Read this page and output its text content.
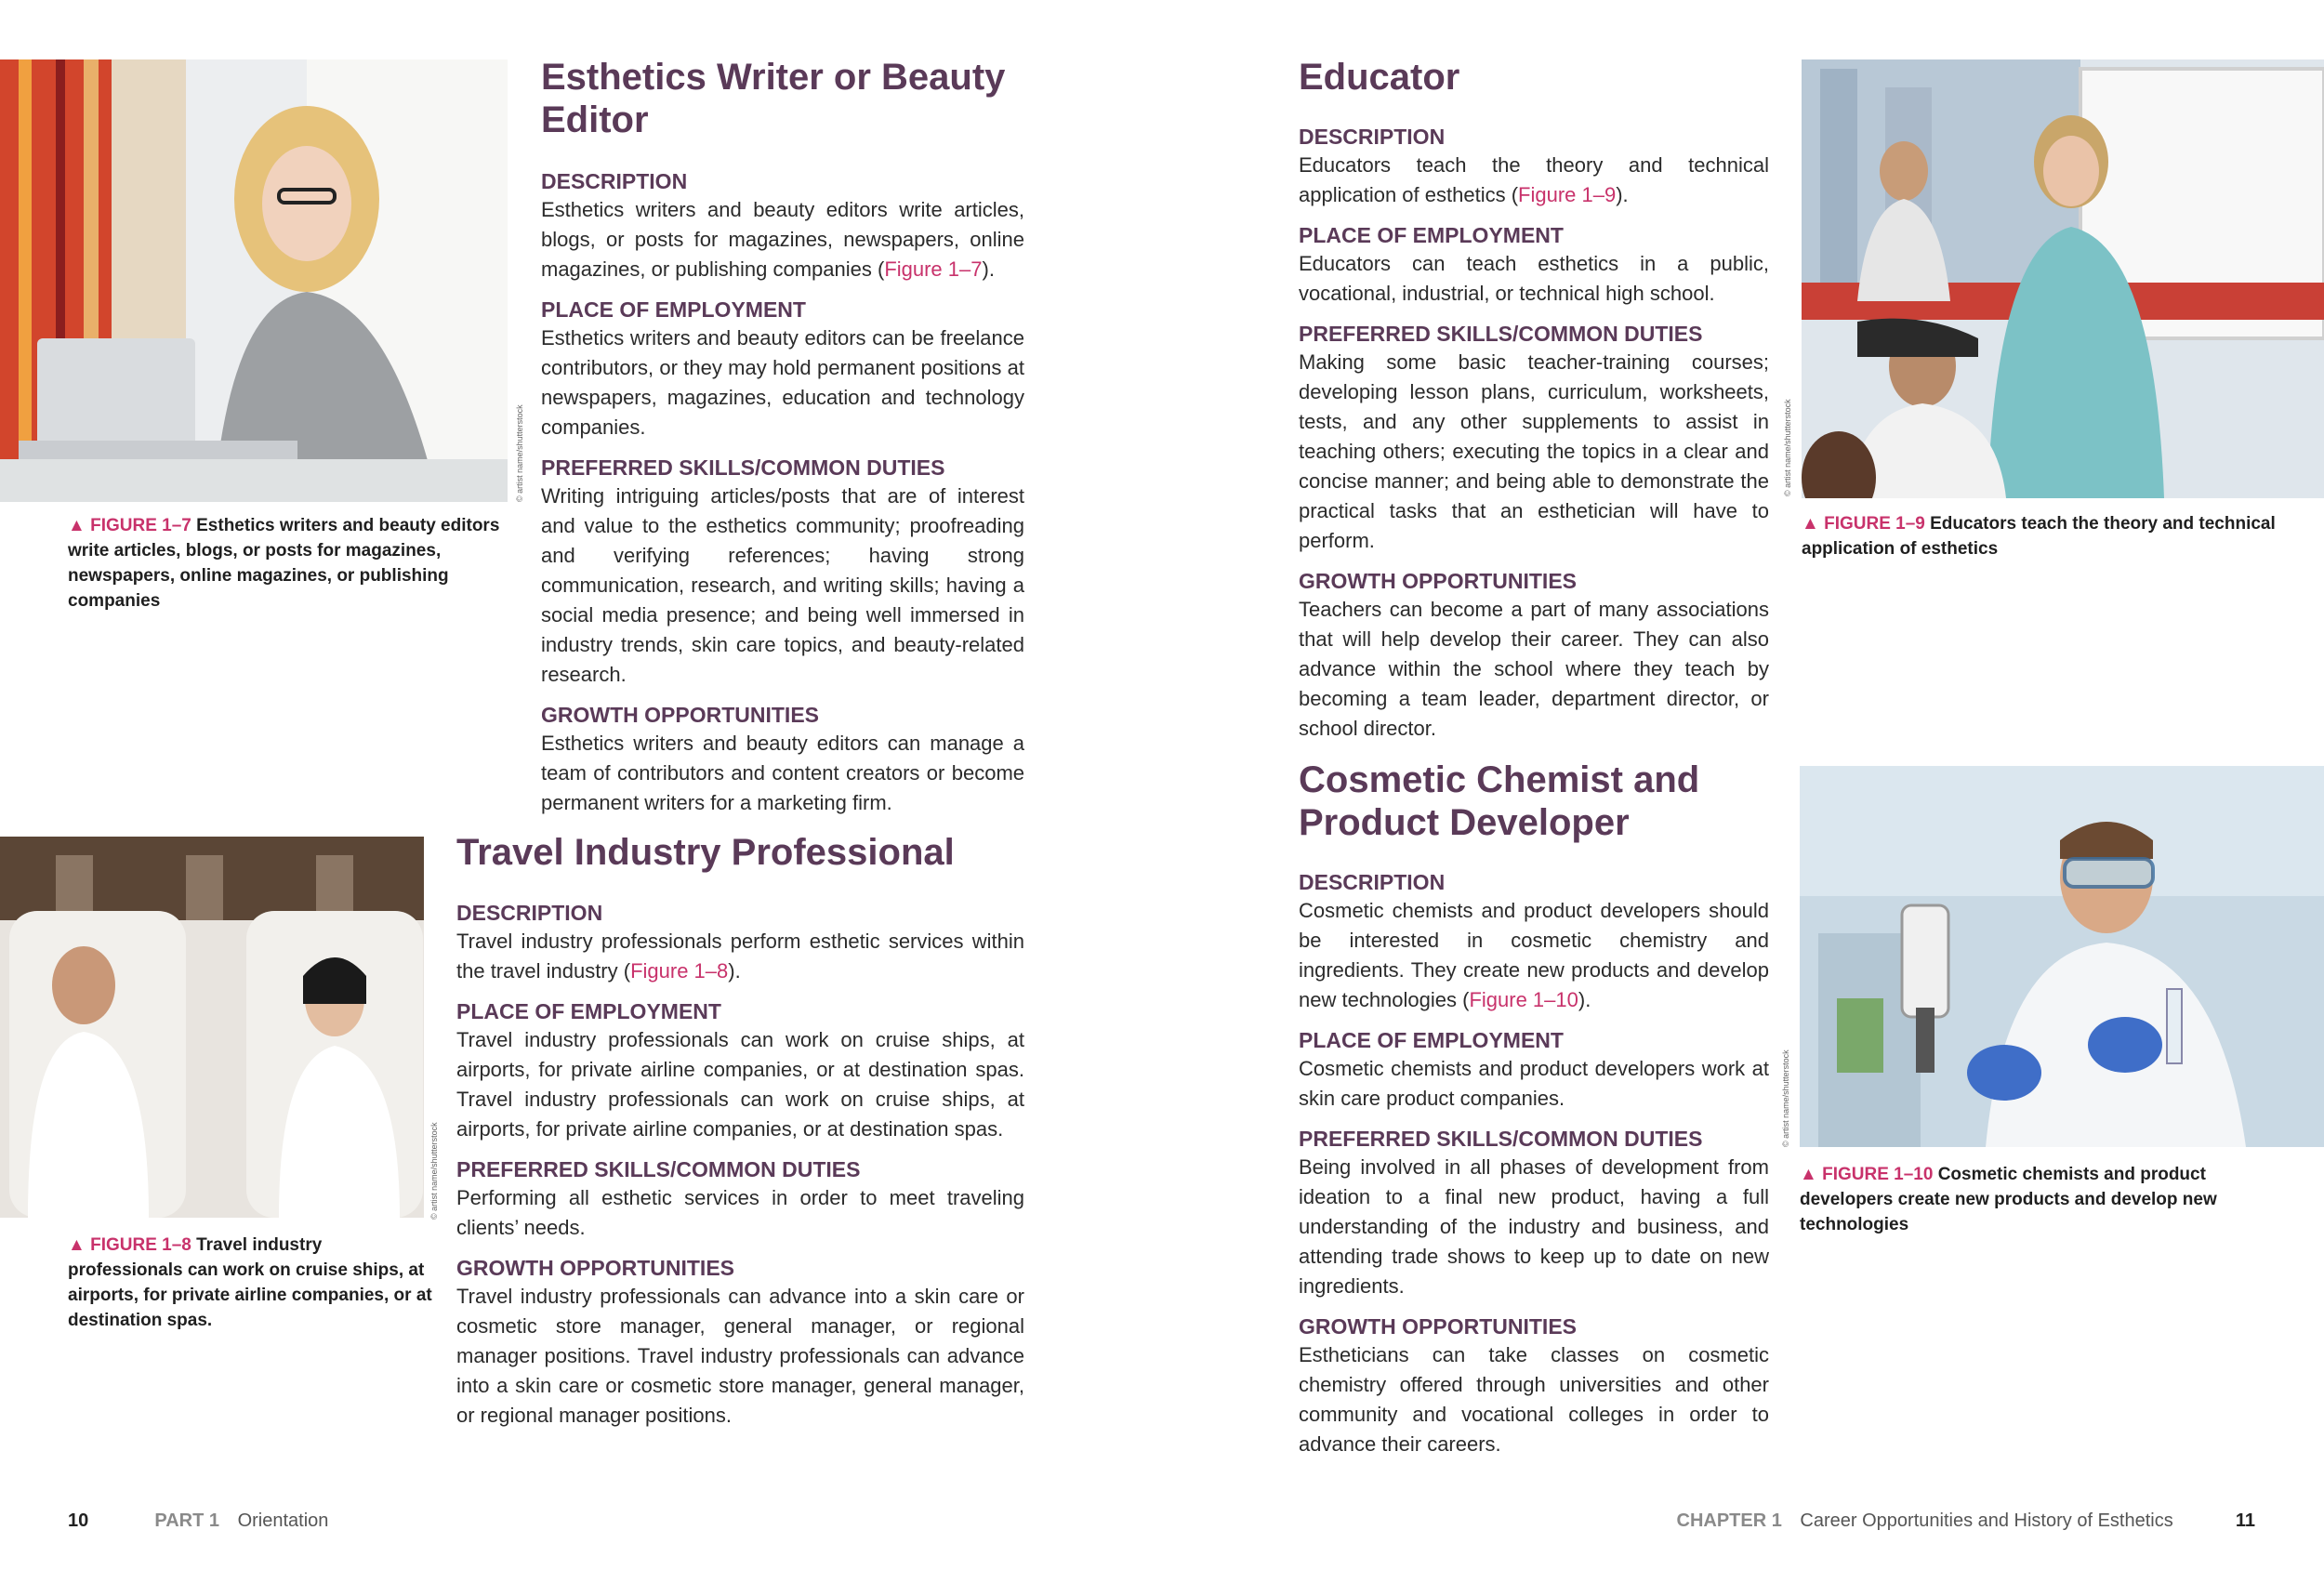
© artist name/shutterstock
▲ FIGURE 1–7 Esthetics writers and beauty editors write articles, blogs, or posts for magazines, newspapers, online magazines, or publishing companies
Esthetics Writer or Beauty Editor

DESCRIPTION

Esthetics writers and beauty editors write articles, blogs, or posts for magazines, newspapers, online magazines, or publishing companies (Figure 1–7).

PLACE OF EMPLOYMENT

Esthetics writers and beauty editors can be freelance contributors, or they may hold permanent positions at newspapers, magazines, education and technology companies.

PREFERRED SKILLS/COMMON DUTIES

Writing intriguing articles/posts that are of interest and value to the esthetics community; proofreading and verifying references; having strong communication, research, and writing skills; having a social media presence; and being well immersed in industry trends, skin care topics, and beauty-related research.

GROWTH OPPORTUNITIES

Esthetics writers and beauty editors can manage a team of contributors and content creators or become permanent writers for a marketing firm.

© artist name/shutterstock
▲ FIGURE 1–8 Travel industry professionals can work on cruise ships, at airports, for private airline companies, or at destination spas.
Travel Industry Professional

DESCRIPTION

Travel industry professionals perform esthetic services within the travel industry (Figure 1–8).

PLACE OF EMPLOYMENT

Travel industry professionals can work on cruise ships, at airports, for private airline companies, or at destination spas. Travel industry professionals can work on cruise ships, at airports, for private airline companies, or at destination spas.

PREFERRED SKILLS/COMMON DUTIES

Performing all esthetic services in order to meet traveling clients’ needs.

GROWTH OPPORTUNITIES

Travel industry professionals can advance into a skin care or cosmetic store manager, general manager, or regional manager positions. Travel industry professionals can advance into a skin care or cosmetic store manager, general manager, or regional manager positions.

10	PART 1 Orientation
Educator

DESCRIPTION

Educators teach the theory and technical application of esthetics (Figure 1–9).

PLACE OF EMPLOYMENT

Educators can teach esthetics in a public, vocational, industrial, or technical high school.

PREFERRED SKILLS/COMMON DUTIES

Making some basic teacher-training courses; developing lesson plans, curriculum, worksheets, tests, and any other supplements to assist in teaching others; executing the topics in a clear and concise manner; and being able to demonstrate the practical tasks that an esthetician will have to perform.

GROWTH OPPORTUNITIES

Teachers can become a part of many associations that will help develop their career. They can also advance within the school where they teach by becoming a team leader, department director, or school director.

© artist name/shutterstock
▲ FIGURE 1–9 Educators teach the theory and technical application of esthetics
Cosmetic Chemist and Product Developer

DESCRIPTION

Cosmetic chemists and product developers should be interested in cosmetic chemistry and ingredients. They create new products and develop new technologies (Figure 1–10).

PLACE OF EMPLOYMENT

Cosmetic chemists and product developers work at skin care product companies.

PREFERRED SKILLS/COMMON DUTIES

Being involved in all phases of development from ideation to a final new product, having a full understanding of the industry and business, and attending trade shows to keep up to date on new ingredients.

GROWTH OPPORTUNITIES

Estheticians can take classes on cosmetic chemistry offered through universities and other community and vocational colleges in order to advance their careers.

© artist name/shutterstock
▲ FIGURE 1–10 Cosmetic chemists and product developers create new products and develop new technologies
CHAPTER 1 Career Opportunities and History of Esthetics	11
